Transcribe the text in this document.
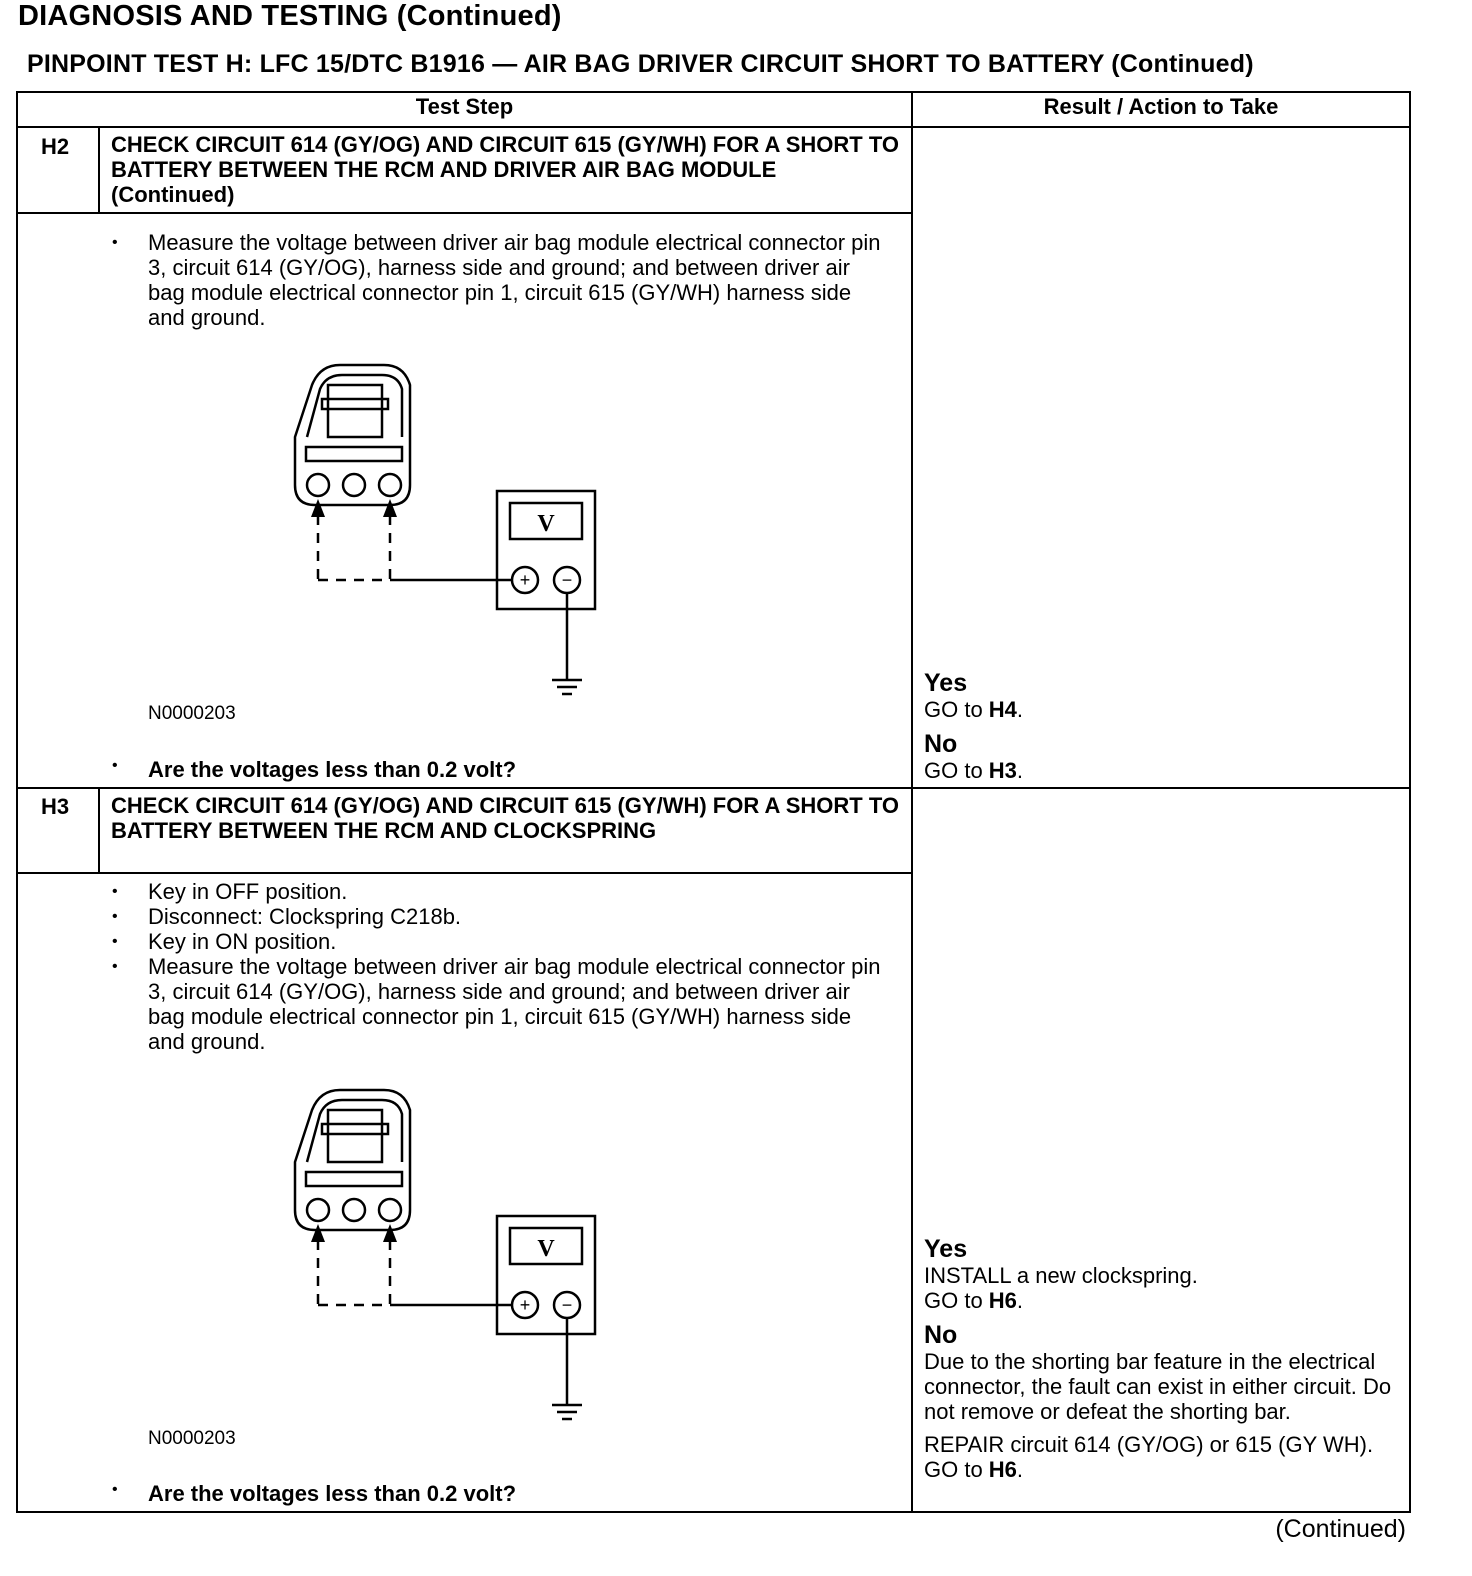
DIAGNOSIS AND TESTING (Continued)
PINPOINT TEST H: LFC 15/DTC B1916 — AIR BAG DRIVER CIRCUIT SHORT TO BATTERY (Continued)
Test Step	Result / Action to Take
H2 CHECK CIRCUIT 614 (GY/OG) AND CIRCUIT 615 (GY/WH) FOR A SHORT TO BATTERY BETWEEN THE RCM AND DRIVER AIR BAG MODULE (Continued)
• Measure the voltage between driver air bag module electrical connector pin 3, circuit 614 (GY/OG), harness side and ground; and between driver air bag module electrical connector pin 1, circuit 615 (GY/WH) harness side and ground.
V
+ −
N0000203
• Are the voltages less than 0.2 volt?
Yes

GO to H4.

No

GO to H3.

H3 CHECK CIRCUIT 614 (GY/OG) AND CIRCUIT 615 (GY/WH) FOR A SHORT TO BATTERY BETWEEN THE RCM AND CLOCKSPRING
• Key in OFF position.
• Disconnect: Clockspring C218b.
• Key in ON position.
• Measure the voltage between driver air bag module electrical connector pin 3, circuit 614 (GY/OG), harness side and ground; and between driver air bag module electrical connector pin 1, circuit 615 (GY/WH) harness side and ground.
V
+ −
N0000203
• Are the voltages less than 0.2 volt?
Yes

INSTALL a new clockspring.

GO to H6.

No

Due to the shorting bar feature in the electrical connector, the fault can exist in either circuit. Do not remove or defeat the shorting bar.

REPAIR circuit 614 (GY/OG) or 615 (GY WH). GO to H6.

(Continued)
